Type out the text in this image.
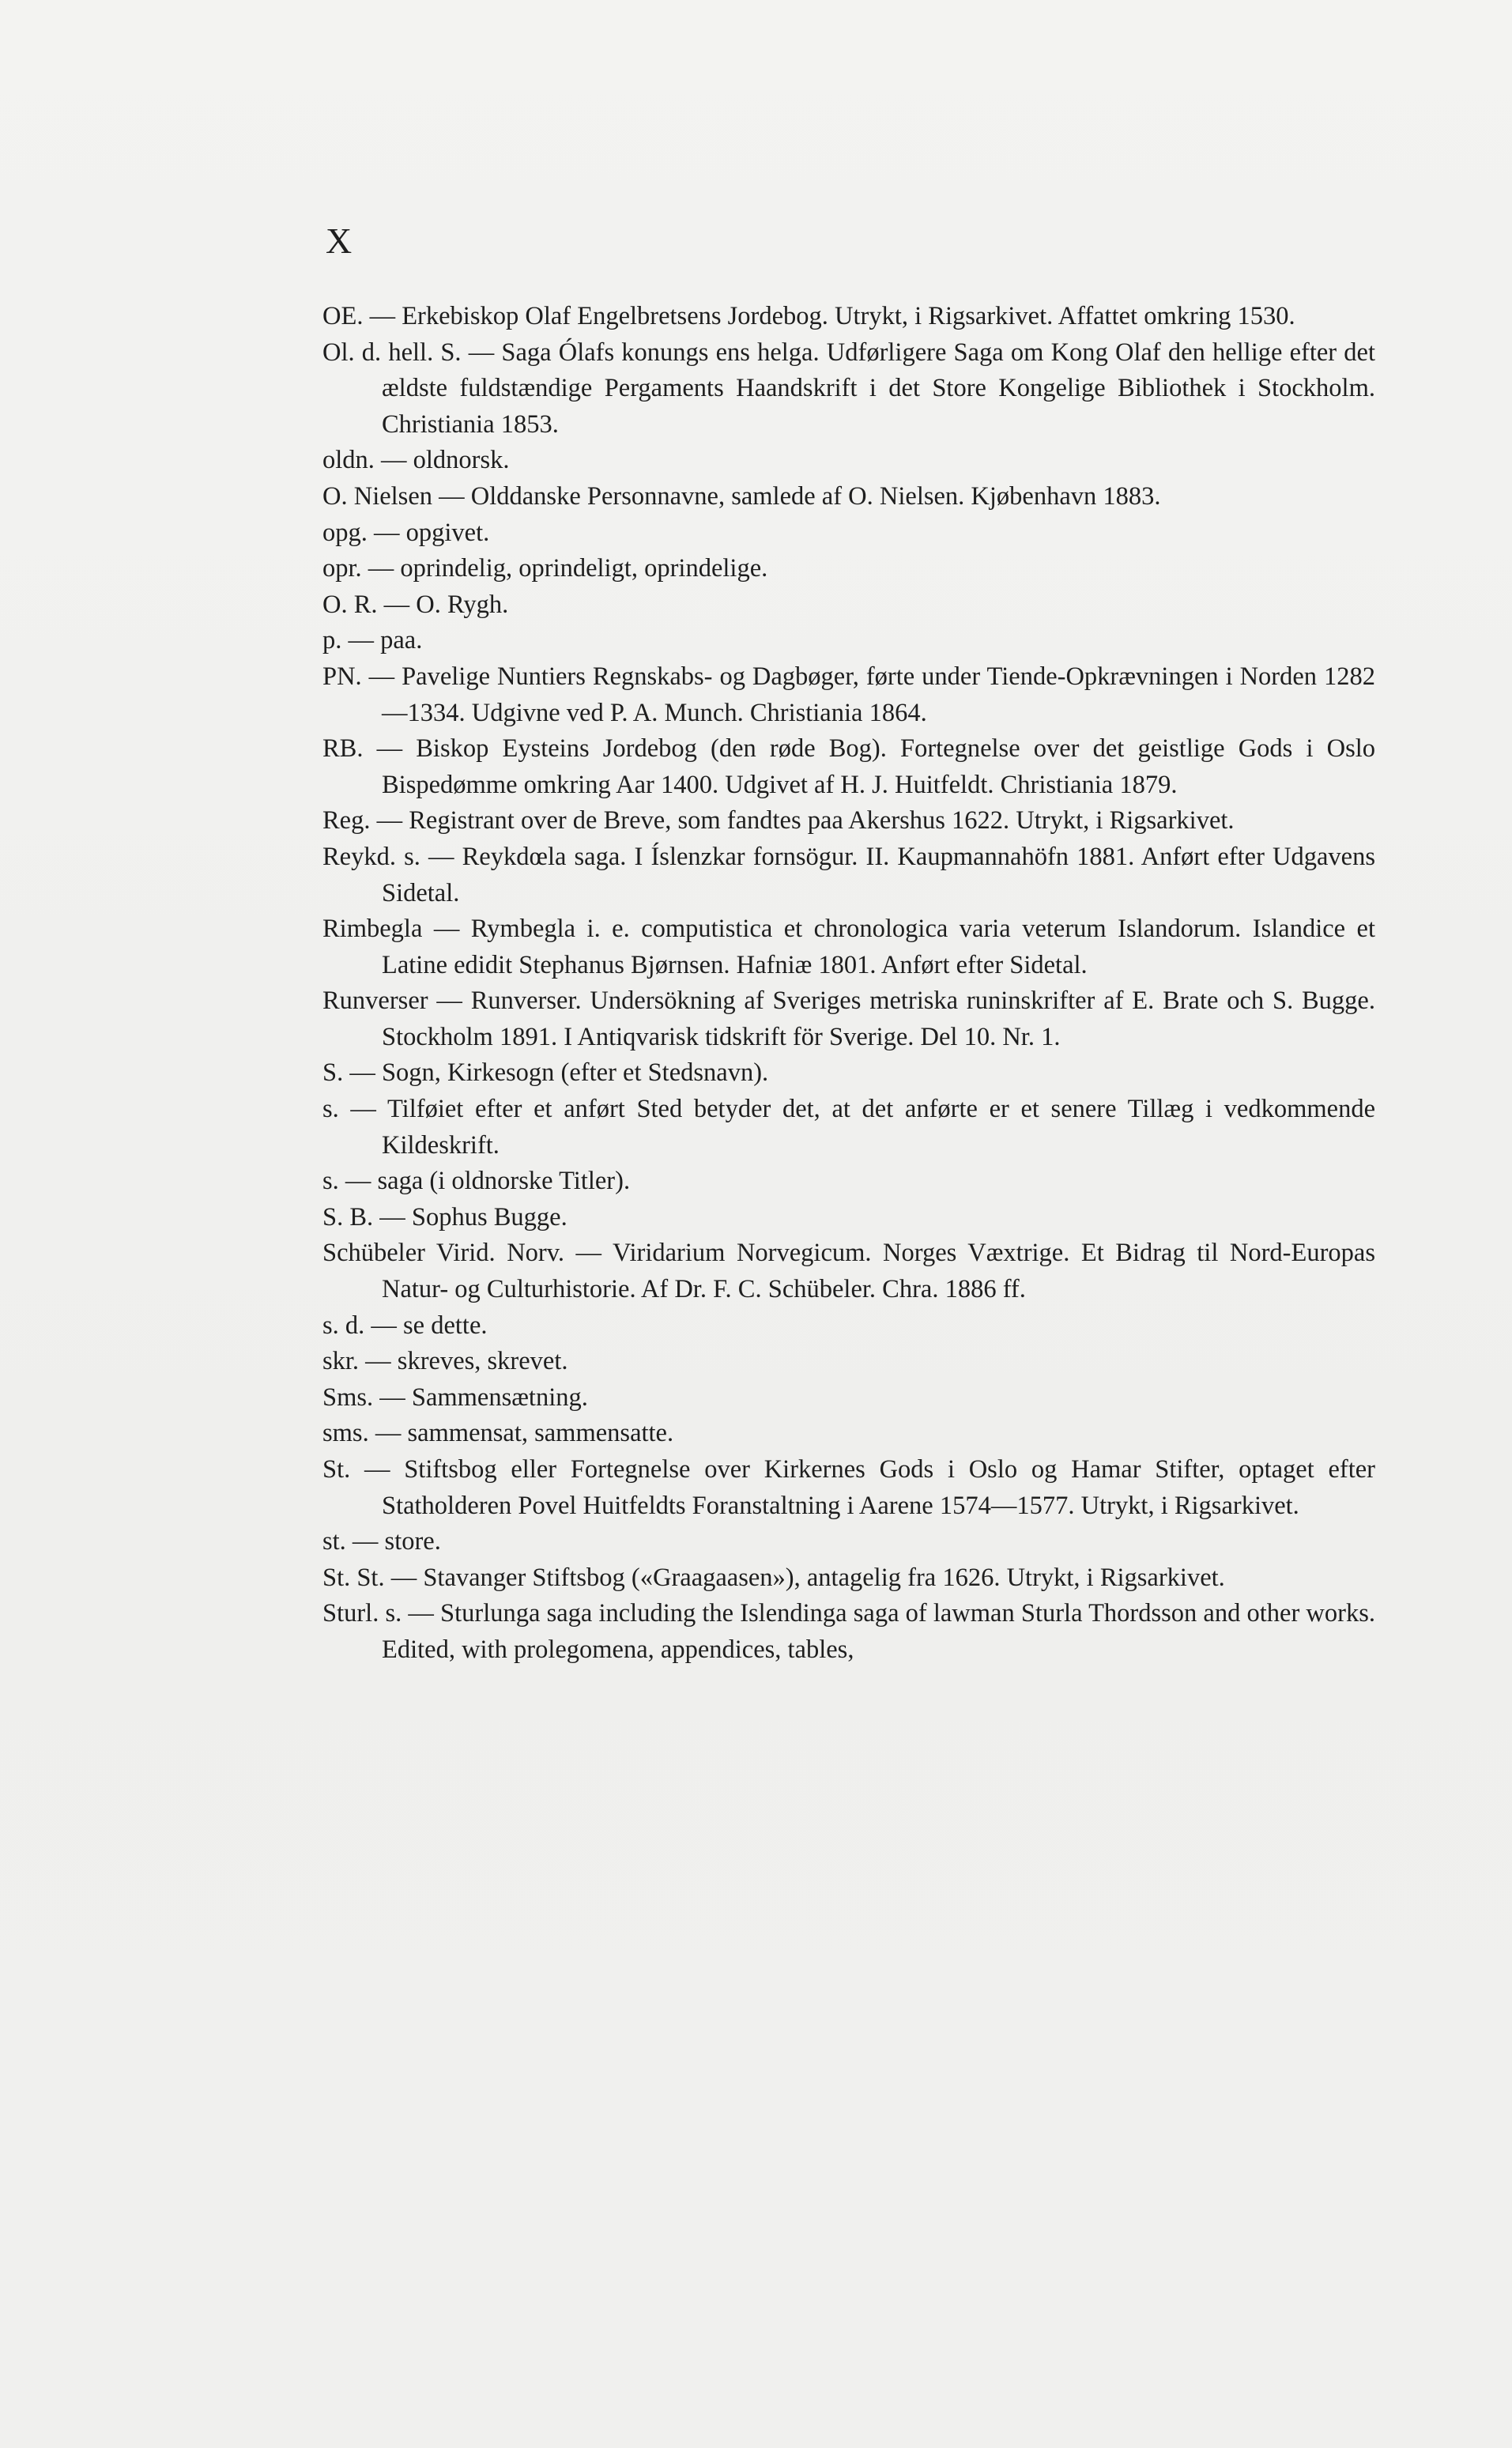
X
OE. — Erkebiskop Olaf Engelbretsens Jordebog. Utrykt, i Rigsarkivet. Affattet omkring 1530.
Ol. d. hell. S. — Saga Ólafs konungs ens helga. Udførligere Saga om Kong Olaf den hellige efter det ældste fuldstændige Pergaments Haandskrift i det Store Kongelige Bibliothek i Stockholm. Christiania 1853.
oldn. — oldnorsk.
O. Nielsen — Olddanske Personnavne, samlede af O. Nielsen. Kjøbenhavn 1883.
opg. — opgivet.
opr. — oprindelig, oprindeligt, oprindelige.
O. R. — O. Rygh.
p. — paa.
PN. — Pavelige Nuntiers Regnskabs- og Dagbøger, førte under Tiende-Opkrævningen i Norden 1282—1334. Udgivne ved P. A. Munch. Christiania 1864.
RB. — Biskop Eysteins Jordebog (den røde Bog). Fortegnelse over det geistlige Gods i Oslo Bispedømme omkring Aar 1400. Udgivet af H. J. Huitfeldt. Christiania 1879.
Reg. — Registrant over de Breve, som fandtes paa Akershus 1622. Utrykt, i Rigsarkivet.
Reykd. s. — Reykdœla saga. I Íslenzkar fornsögur. II. Kaupmannahöfn 1881. Anført efter Udgavens Sidetal.
Rimbegla — Rymbegla i. e. computistica et chronologica varia veterum Islandorum. Islandice et Latine edidit Stephanus Bjørnsen. Hafniæ 1801. Anført efter Sidetal.
Runverser — Runverser. Undersökning af Sveriges metriska runinskrifter af E. Brate och S. Bugge. Stockholm 1891. I Antiqvarisk tidskrift för Sverige. Del 10. Nr. 1.
S. — Sogn, Kirkesogn (efter et Stedsnavn).
s. — Tilføiet efter et anført Sted betyder det, at det anførte er et senere Tillæg i vedkommende Kildeskrift.
s. — saga (i oldnorske Titler).
S. B. — Sophus Bugge.
Schübeler Virid. Norv. — Viridarium Norvegicum. Norges Væxtrige. Et Bidrag til Nord-Europas Natur- og Culturhistorie. Af Dr. F. C. Schübeler. Chra. 1886 ff.
s. d. — se dette.
skr. — skreves, skrevet.
Sms. — Sammensætning.
sms. — sammensat, sammensatte.
St. — Stiftsbog eller Fortegnelse over Kirkernes Gods i Oslo og Hamar Stifter, optaget efter Statholderen Povel Huitfeldts Foranstaltning i Aarene 1574—1577. Utrykt, i Rigsarkivet.
st. — store.
St. St. — Stavanger Stiftsbog («Graagaasen»), antagelig fra 1626. Utrykt, i Rigsarkivet.
Sturl. s. — Sturlunga saga including the Islendinga saga of lawman Sturla Thordsson and other works. Edited, with prolegomena, appendices, tables,
